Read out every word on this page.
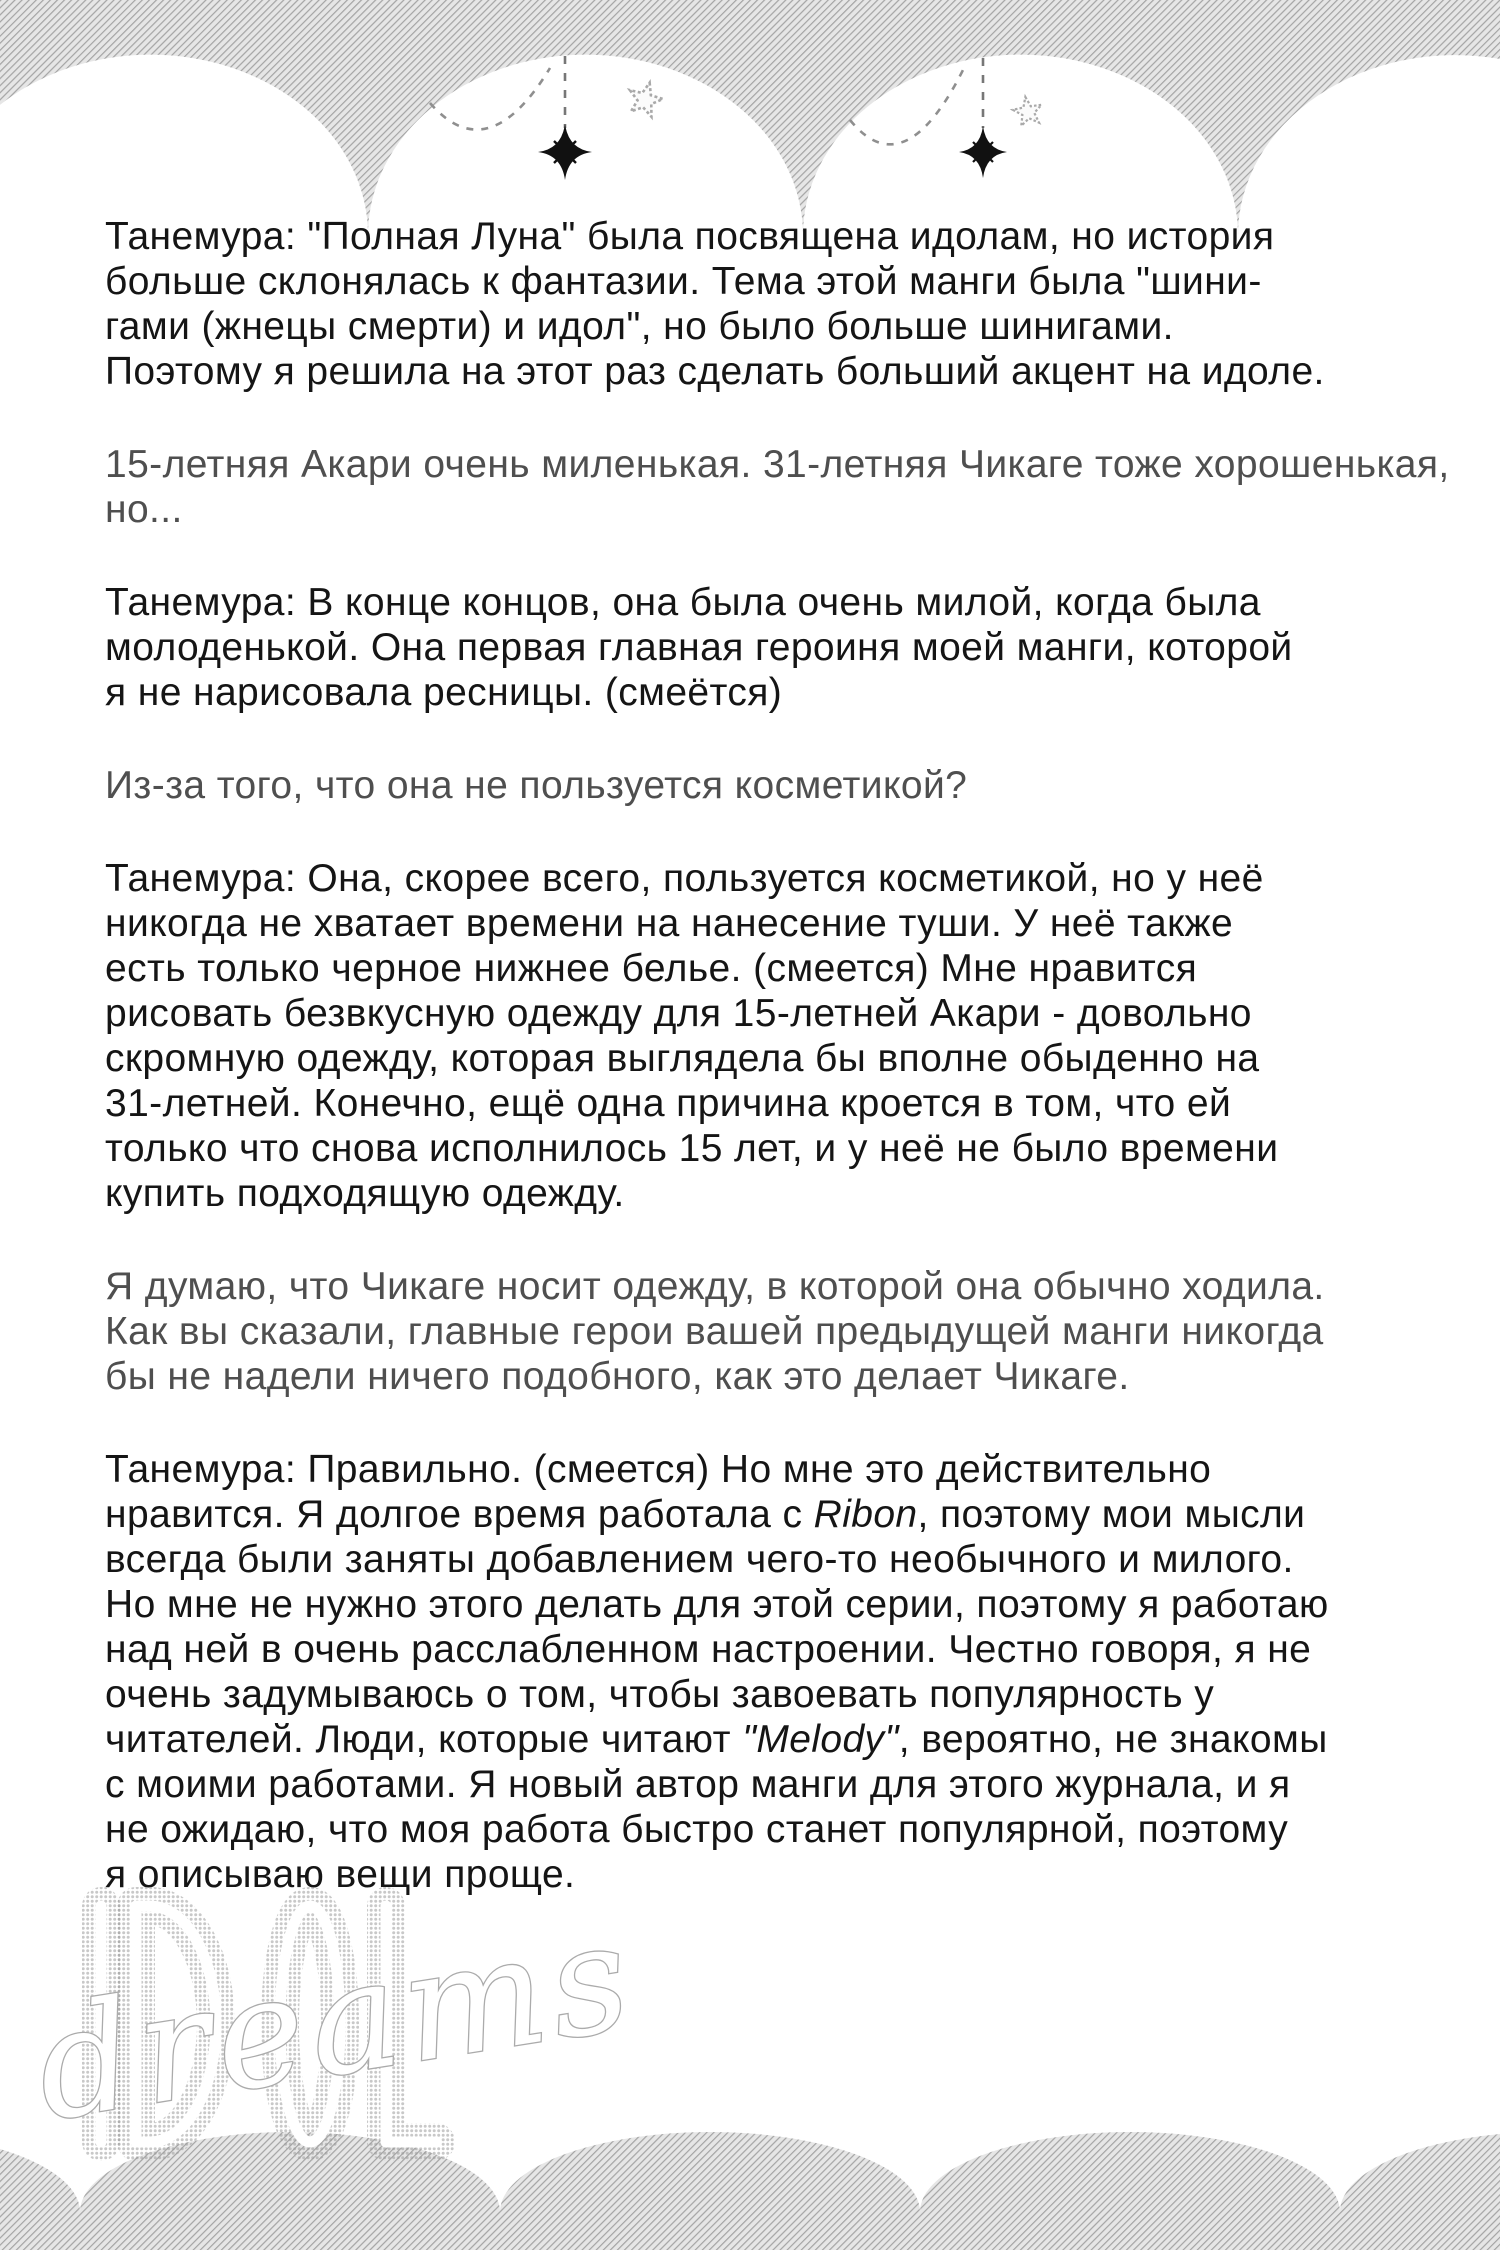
Танемура: "Полная Луна" была посвящена идолам, но история
больше склонялась к фантазии. Тема этой манги была "шини-
гами (жнецы смерти) и идол", но было больше шинигами.
Поэтому я решила на этот раз сделать больший акцент на идоле.
15-летняя Акари очень миленькая. 31-летняя Чикаге тоже хорошенькая,
но...
Танемура: В конце концов, она была очень милой, когда была
молоденькой. Она первая главная героиня моей манги, которой
я не нарисовала ресницы. (смеётся)
Из-за того, что она не пользуется косметикой?
Танемура: Она, скорее всего, пользуется косметикой, но у неё
никогда не хватает времени на нанесение туши. У неё также
есть только черное нижнее белье. (смеется) Мне нравится
рисовать безвкусную одежду для 15-летней Акари - довольно
скромную одежду, которая выглядела бы вполне обыденно на
31-летней. Конечно, ещё одна причина кроется в том, что ей
только что снова исполнилось 15 лет, и у неё не было времени
купить подходящую одежду.
Я думаю, что Чикаге носит одежду, в которой она обычно ходила.
Как вы сказали, главные герои вашей предыдущей манги никогда
бы не надели ничего подобного, как это делает Чикаге.
Танемура: Правильно. (смеется) Но мне это действительно
нравится. Я долгое время работала с Ribon, поэтому мои мысли
всегда были заняты добавлением чего-то необычного и милого.
Но мне не нужно этого делать для этой серии, поэтому я работаю
над ней в очень расслабленном настроении. Честно говоря, я не
очень задумываюсь о том, чтобы завоевать популярность у
читателей. Люди, которые читают "Melody", вероятно, не знакомы
с моими работами. Я новый автор манги для этого журнала, и я
не ожидаю, что моя работа быстро станет популярной, поэтому
я описываю вещи проще.
dreams
